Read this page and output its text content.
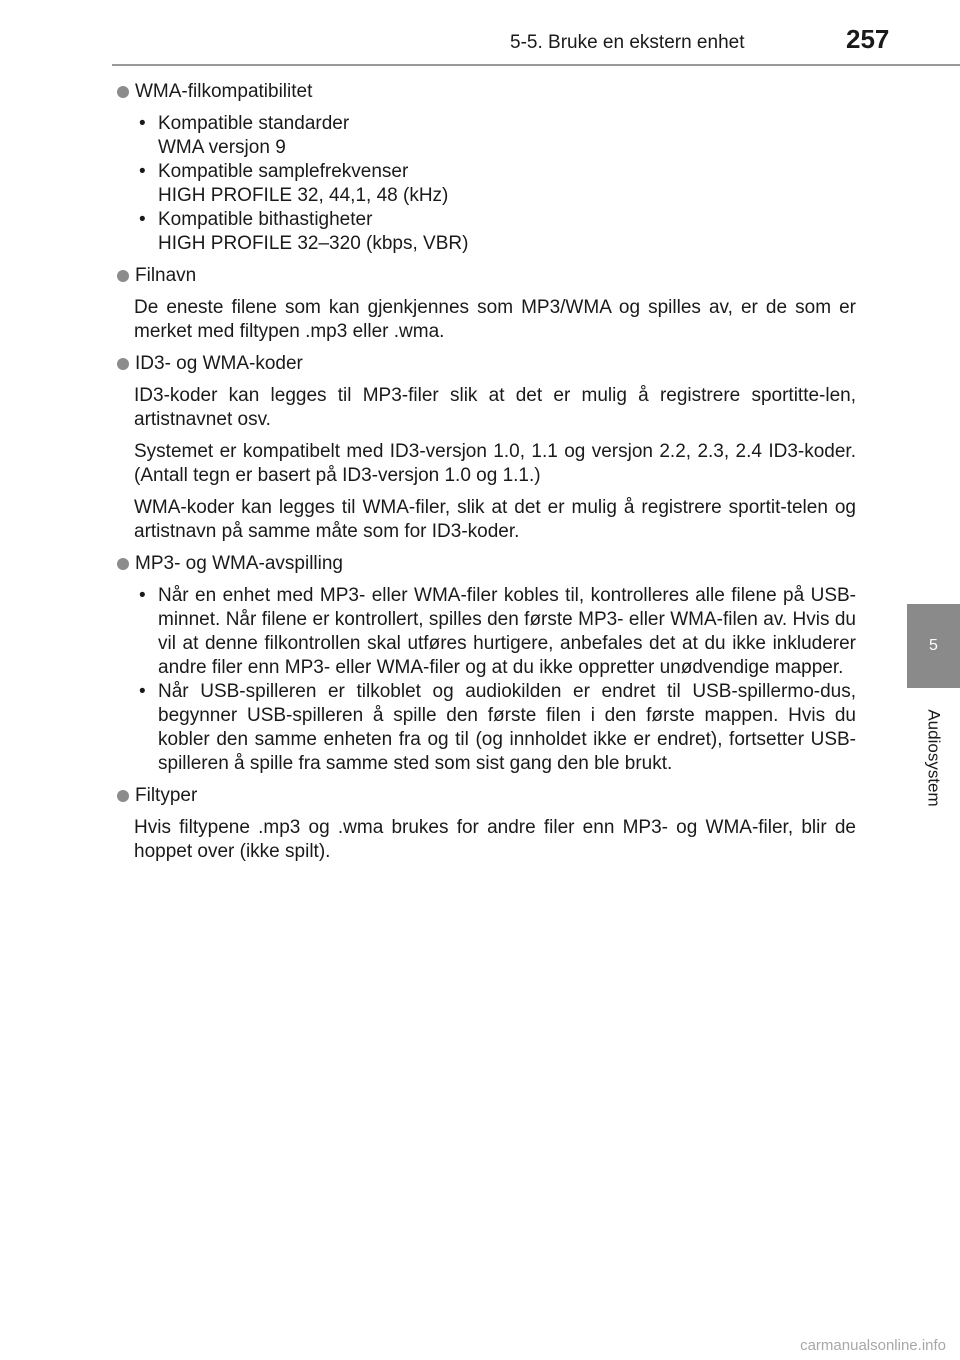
5-5. Bruke en ekstern enhet	257
5
Audiosystem
WMA-filkompatibilitet
• Kompatible standarder
WMA versjon 9
• Kompatible samplefrekvenser
HIGH PROFILE 32, 44,1, 48 (kHz)
• Kompatible bithastigheter
HIGH PROFILE 32–320 (kbps, VBR)
Filnavn

De eneste filene som kan gjenkjennes som MP3/WMA og spilles av, er de som er merket med filtypen .mp3 eller .wma.

ID3- og WMA-koder

ID3-koder kan legges til MP3-filer slik at det er mulig å registrere sportitte-len, artistnavnet osv.

Systemet er kompatibelt med ID3-versjon 1.0, 1.1 og versjon 2.2, 2.3, 2.4 ID3-koder. (Antall tegn er basert på ID3-versjon 1.0 og 1.1.)

WMA-koder kan legges til WMA-filer, slik at det er mulig å registrere sportit-telen og artistnavn på samme måte som for ID3-koder.

MP3- og WMA-avspilling
• Når en enhet med MP3- eller WMA-filer kobles til, kontrolleres alle filene på USB-minnet. Når filene er kontrollert, spilles den første MP3- eller WMA-filen av. Hvis du vil at denne filkontrollen skal utføres hurtigere, anbefales det at du ikke inkluderer andre filer enn MP3- eller WMA-filer og at du ikke oppretter unødvendige mapper.
• Når USB-spilleren er tilkoblet og audiokilden er endret til USB-spillermo-dus, begynner USB-spilleren å spille den første filen i den første mappen. Hvis du kobler den samme enheten fra og til (og innholdet ikke er endret), fortsetter USB-spilleren å spille fra samme sted som sist gang den ble brukt.
Filtyper

Hvis filtypene .mp3 og .wma brukes for andre filer enn MP3- og WMA-filer, blir de hoppet over (ikke spilt).

carmanualsonline.info
